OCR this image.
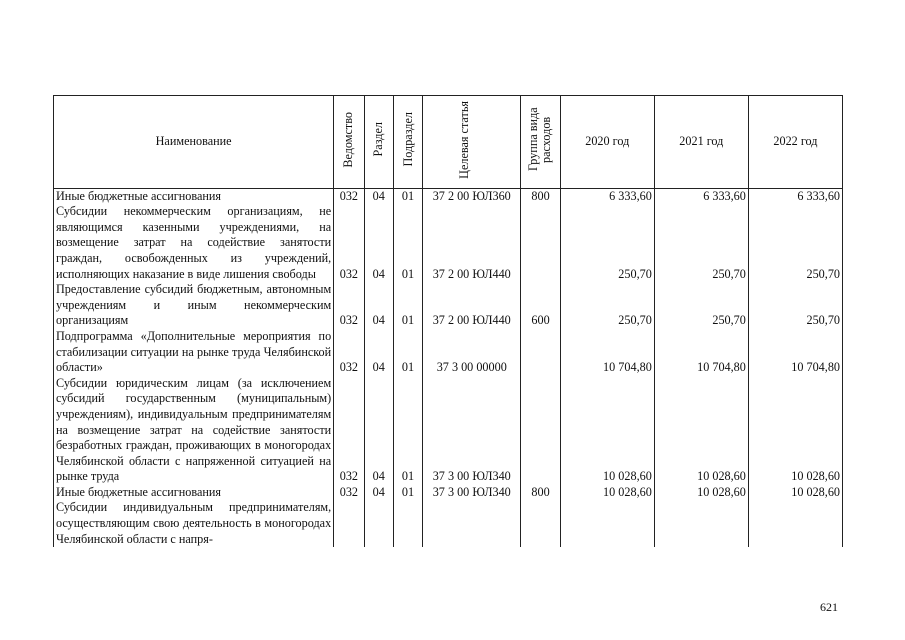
Наименование	Ведомство	Раздел	Подраздел	Целевая статья	Группа вида расходов	2020 год	2021 год	2022 год
Иные бюджетные ассигнования	032	04	01	37 2 00 ЮЛ360	800	6 333,60	6 333,60	6 333,60
Субсидии некоммерческим организациям, не являющимся казенными учреждениями, на возмещение затрат на содействие занятости граждан, освобожденных из учреждений, исполняющих наказание в виде лишения свободы	032	04	01	37 2 00 ЮЛ440		250,70	250,70	250,70
Предоставление субсидий бюджетным, автономным учреждениям и иным некоммерческим организациям	032	04	01	37 2 00 ЮЛ440	600	250,70	250,70	250,70
Подпрограмма «Дополнительные мероприятия по стабилизации ситуации на рынке труда Челябинской области»	032	04	01	37 3 00 00000		10 704,80	10 704,80	10 704,80
Субсидии юридическим лицам (за исключением субсидий государственным (муниципальным) учреждениям), индивидуальным предпринимателям на возмещение затрат на содействие занятости безработных граждан, проживающих в моногородах Челябинской области с напряженной ситуацией на рынке труда	032	04	01	37 3 00 ЮЛ340		10 028,60	10 028,60	10 028,60
Иные бюджетные ассигнования	032	04	01	37 3 00 ЮЛ340	800	10 028,60	10 028,60	10 028,60
Субсидии индивидуальным предпринимателям, осуществляющим свою деятельность в моногородах Челябинской области с напря-								
621
